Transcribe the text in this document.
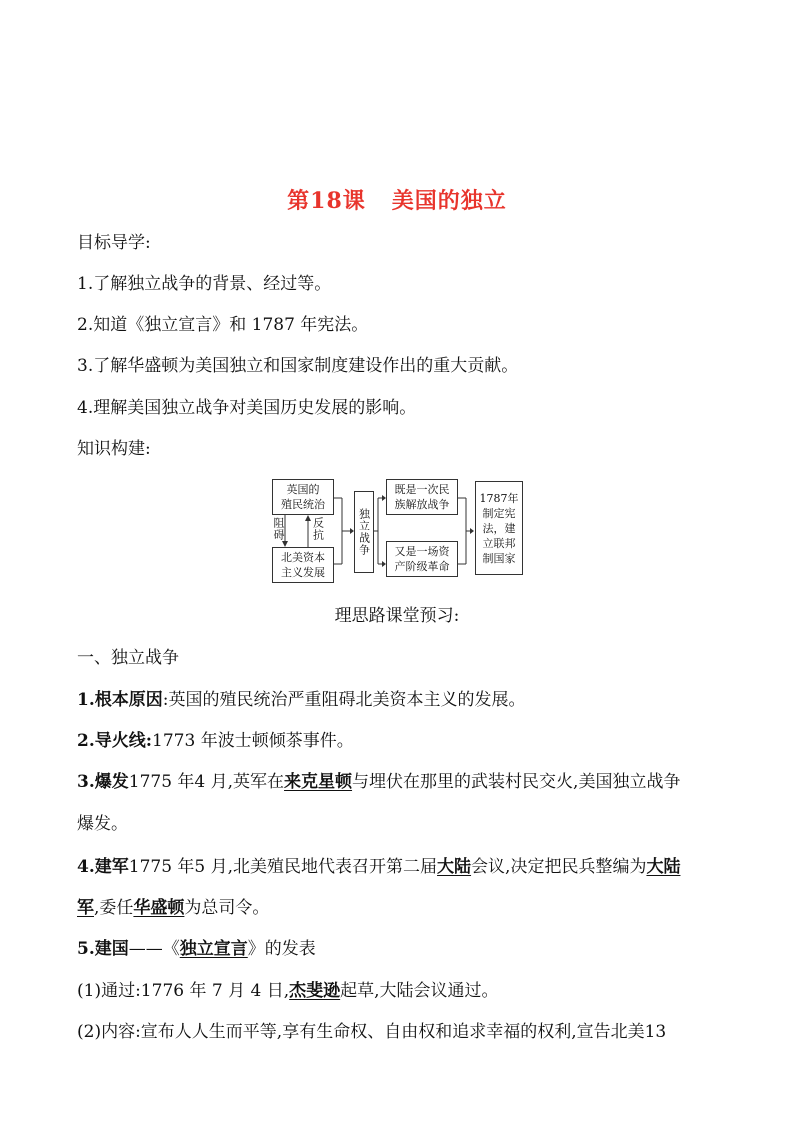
第18课 美国的独立
目标导学:
1.了解独立战争的背景、经过等。
2.知道《独立宣言》和 1787 年宪法。
3.了解华盛顿为美国独立和国家制度建设作出的重大贡献。
4.理解美国独立战争对美国历史发展的影响。
知识构建:
英国的
殖民统治
阻碍 反抗
北美资本
主义发展
独立战争
既是一次民
族解放战争
又是一场资
产阶级革命
1787年
制定宪
法，建
立联邦
制国家
理思路课堂预习:
一、独立战争
1.根本原因:英国的殖民统治严重阻碍北美资本主义的发展。
2.导火线:1773 年波士顿倾茶事件。
3.爆发1775 年4 月,英军在来克星顿与埋伏在那里的武装村民交火,美国独立战争
爆发。
4.建军1775 年5 月,北美殖民地代表召开第二届大陆会议,决定把民兵整编为大陆
军,委任华盛顿为总司令。
5.建国——《独立宣言》的发表
(1)通过:1776 年 7 月 4 日,杰斐逊起草,大陆会议通过。
(2)内容:宣布人人生而平等,享有生命权、自由权和追求幸福的权利,宣告北美13
